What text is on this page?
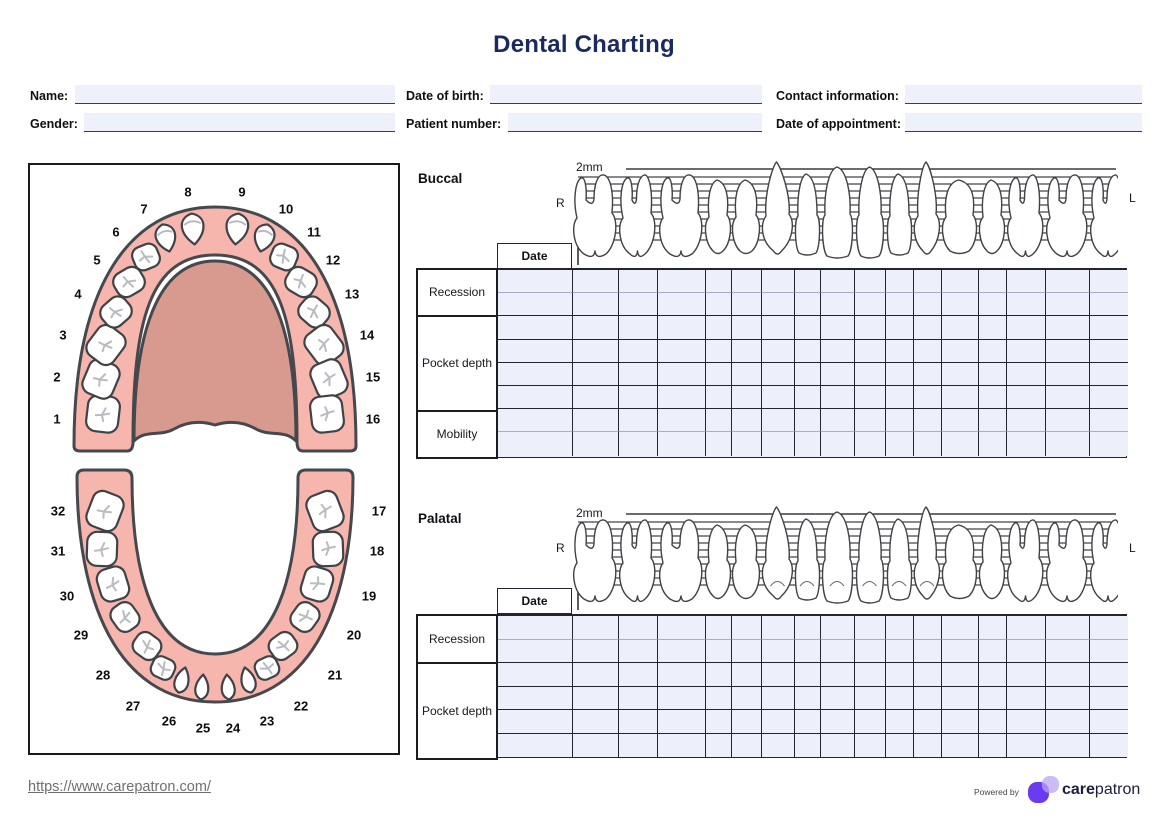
Dental Charting
Name:	Date of birth:	Contact information:
Gender:	Patient number:	Date of appointment:
1
2
3
4
5
6
7
8	9
10
11
12
13
14
15
16
32
31
30
29
28
27
26 25 24 23
22
21
20
19
18
17
Buccal
2mm
R	L
Date
Recession
Pocket depth
Mobility
Palatal	2mm
R	L
Date
Recession
Pocket depth
https://www.carepatron.com/	Powered by	carepatron
